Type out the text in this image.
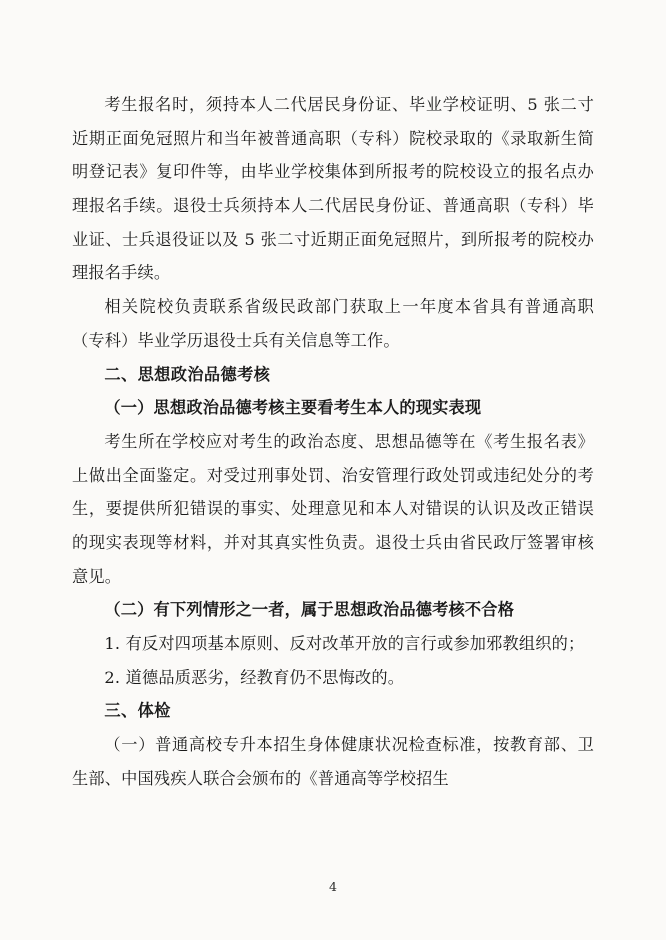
考生报名时，须持本人二代居民身份证、毕业学校证明、5 张二寸近期正面免冠照片和当年被普通高职（专科）院校录取的《录取新生简明登记表》复印件等，由毕业学校集体到所报考的院校设立的报名点办理报名手续。退役士兵须持本人二代居民身份证、普通高职（专科）毕业证、士兵退役证以及 5 张二寸近期正面免冠照片，到所报考的院校办理报名手续。

相关院校负责联系省级民政部门获取上一年度本省具有普通高职（专科）毕业学历退役士兵有关信息等工作。

二、思想政治品德考核

（一）思想政治品德考核主要看考生本人的现实表现

考生所在学校应对考生的政治态度、思想品德等在《考生报名表》上做出全面鉴定。对受过刑事处罚、治安管理行政处罚或违纪处分的考生，要提供所犯错误的事实、处理意见和本人对错误的认识及改正错误的现实表现等材料，并对其真实性负责。退役士兵由省民政厅签署审核意见。

（二）有下列情形之一者，属于思想政治品德考核不合格

1. 有反对四项基本原则、反对改革开放的言行或参加邪教组织的；

2. 道德品质恶劣，经教育仍不思悔改的。

三、体检

（一）普通高校专升本招生身体健康状况检查标准，按教育部、卫生部、中国残疾人联合会颁布的《普通高等学校招生

4
